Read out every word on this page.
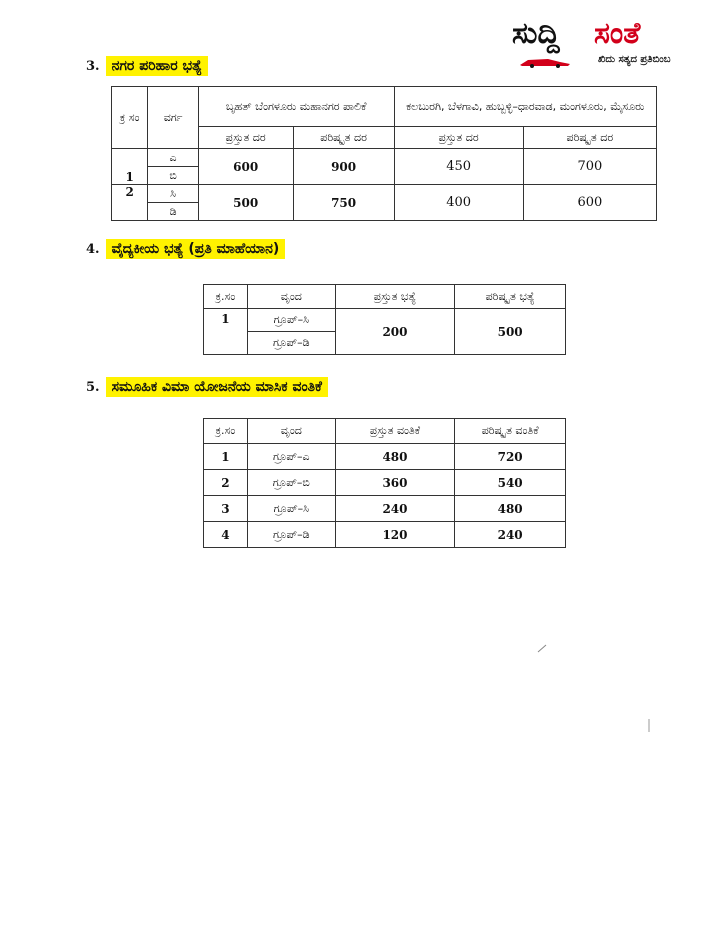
ಸುದ್ದಿ ಸಂತೆ
ಖಿದು ಸತ್ಯದ ಪ್ರತಿಬಿಂಬ
3. ನಗರ ಪರಿಹಾರ ಭತ್ಯೆ
ಕ್ರ ಸಂ	ವರ್ಗ	ಬೃಹತ್ ಬೆಂಗಳೂರು ಮಹಾನಗರ ಪಾಲಿಕೆ		ಕಲಬುರಗಿ, ಬೆಳಗಾವಿ, ಹುಬ್ಬಳ್ಳಿ–ಧಾರವಾಡ, ಮಂಗಳೂರು, ಮೈಸೂರು	
		ಪ್ರಸ್ತುತ ದರ	ಪರಿಷ್ಕೃತ ದರ	ಪ್ರಸ್ತುತ ದರ	ಪರಿಷ್ಕೃತ ದರ
1	ಎ	600	900	450	700
	ಬಿ				
2	ಸಿ	500	750	400	600
	ಡಿ				
4. ವೈದ್ಯಕೀಯ ಭತ್ಯೆ (ಪ್ರತಿ ಮಾಹೆಯಾನ)
ಕ್ರ.ಸಂ	ವೃಂದ	ಪ್ರಸ್ತುತ ಭತ್ಯೆ	ಪರಿಷ್ಕೃತ ಭತ್ಯೆ
1	ಗ್ರೂಪ್–ಸಿ	200	500
	ಗ್ರೂಪ್–ಡಿ		
5. ಸಮೂಹಿಕ ವಿಮಾ ಯೋಜನೆಯ ಮಾಸಿಕ ವಂತಿಕೆ
ಕ್ರ.ಸಂ	ವೃಂದ	ಪ್ರಸ್ತುತ ವಂತಿಕೆ	ಪರಿಷ್ಕೃತ ವಂತಿಕೆ
1	ಗ್ರೂಪ್–ಎ	480	720
2	ಗ್ರೂಪ್–ಬಿ	360	540
3	ಗ್ರೂಪ್–ಸಿ	240	480
4	ಗ್ರೂಪ್–ಡಿ	120	240
